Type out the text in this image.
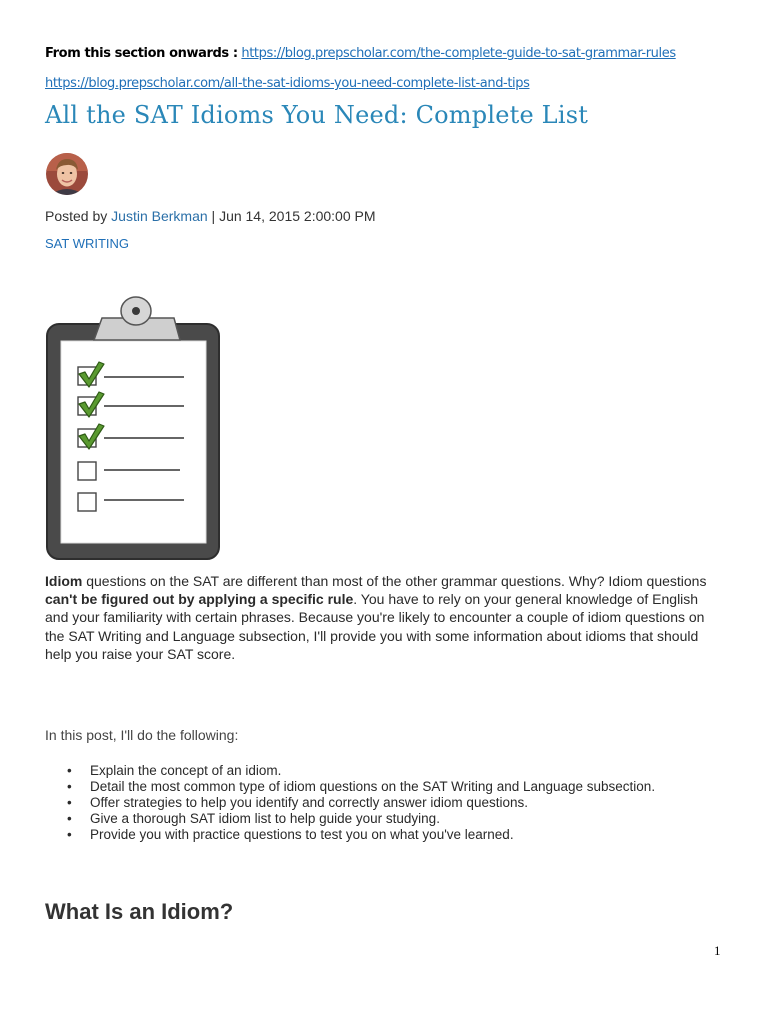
From this section onwards : https://blog.prepscholar.com/the-complete-guide-to-sat-grammar-rules
https://blog.prepscholar.com/all-the-sat-idioms-you-need-complete-list-and-tips
All the SAT Idioms You Need: Complete List
Posted by Justin Berkman | Jun 14, 2015 2:00:00 PM
SAT WRITING

Idiom questions on the SAT are different than most of the other grammar questions. Why? Idiom questions can't be figured out by applying a specific rule. You have to rely on your general knowledge of English and your familiarity with certain phrases. Because you're likely to encounter a couple of idiom questions on the SAT Writing and Language subsection, I'll provide you with some information about idioms that should help you raise your SAT score.

In this post, I'll do the following:

• Explain the concept of an idiom.
• Detail the most common type of idiom questions on the SAT Writing and Language subsection.
• Offer strategies to help you identify and correctly answer idiom questions.
• Give a thorough SAT idiom list to help guide your studying.
• Provide you with practice questions to test you on what you've learned.
What Is an Idiom?
1
